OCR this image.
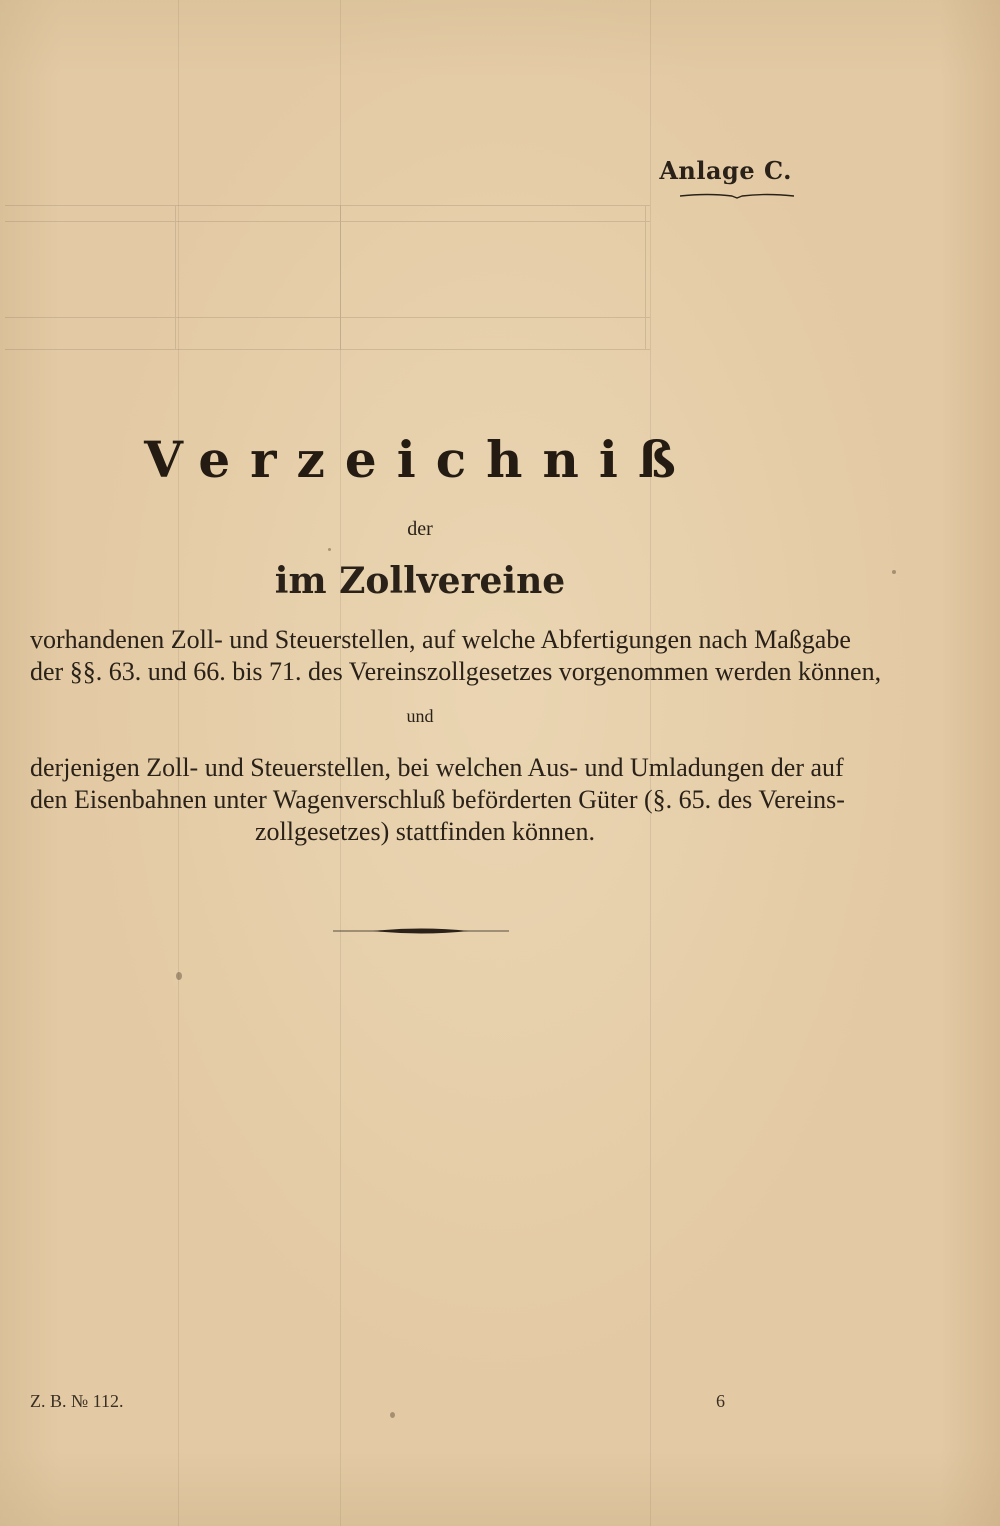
Anlage C.
Verzeichniß
der
im Zollvereine
vorhandenen Zoll- und Steuerstellen, auf welche Abfertigungen nach Maßgabe
der §§. 63. und 66. bis 71. des Vereinszollgesetzes vorgenommen werden können,
und
derjenigen Zoll- und Steuerstellen, bei welchen Aus- und Umladungen der auf
den Eisenbahnen unter Wagenverschluß beförderten Güter (§. 65. des Vereins-
zollgesetzes) stattfinden können.
Z. B. № 112.	6
